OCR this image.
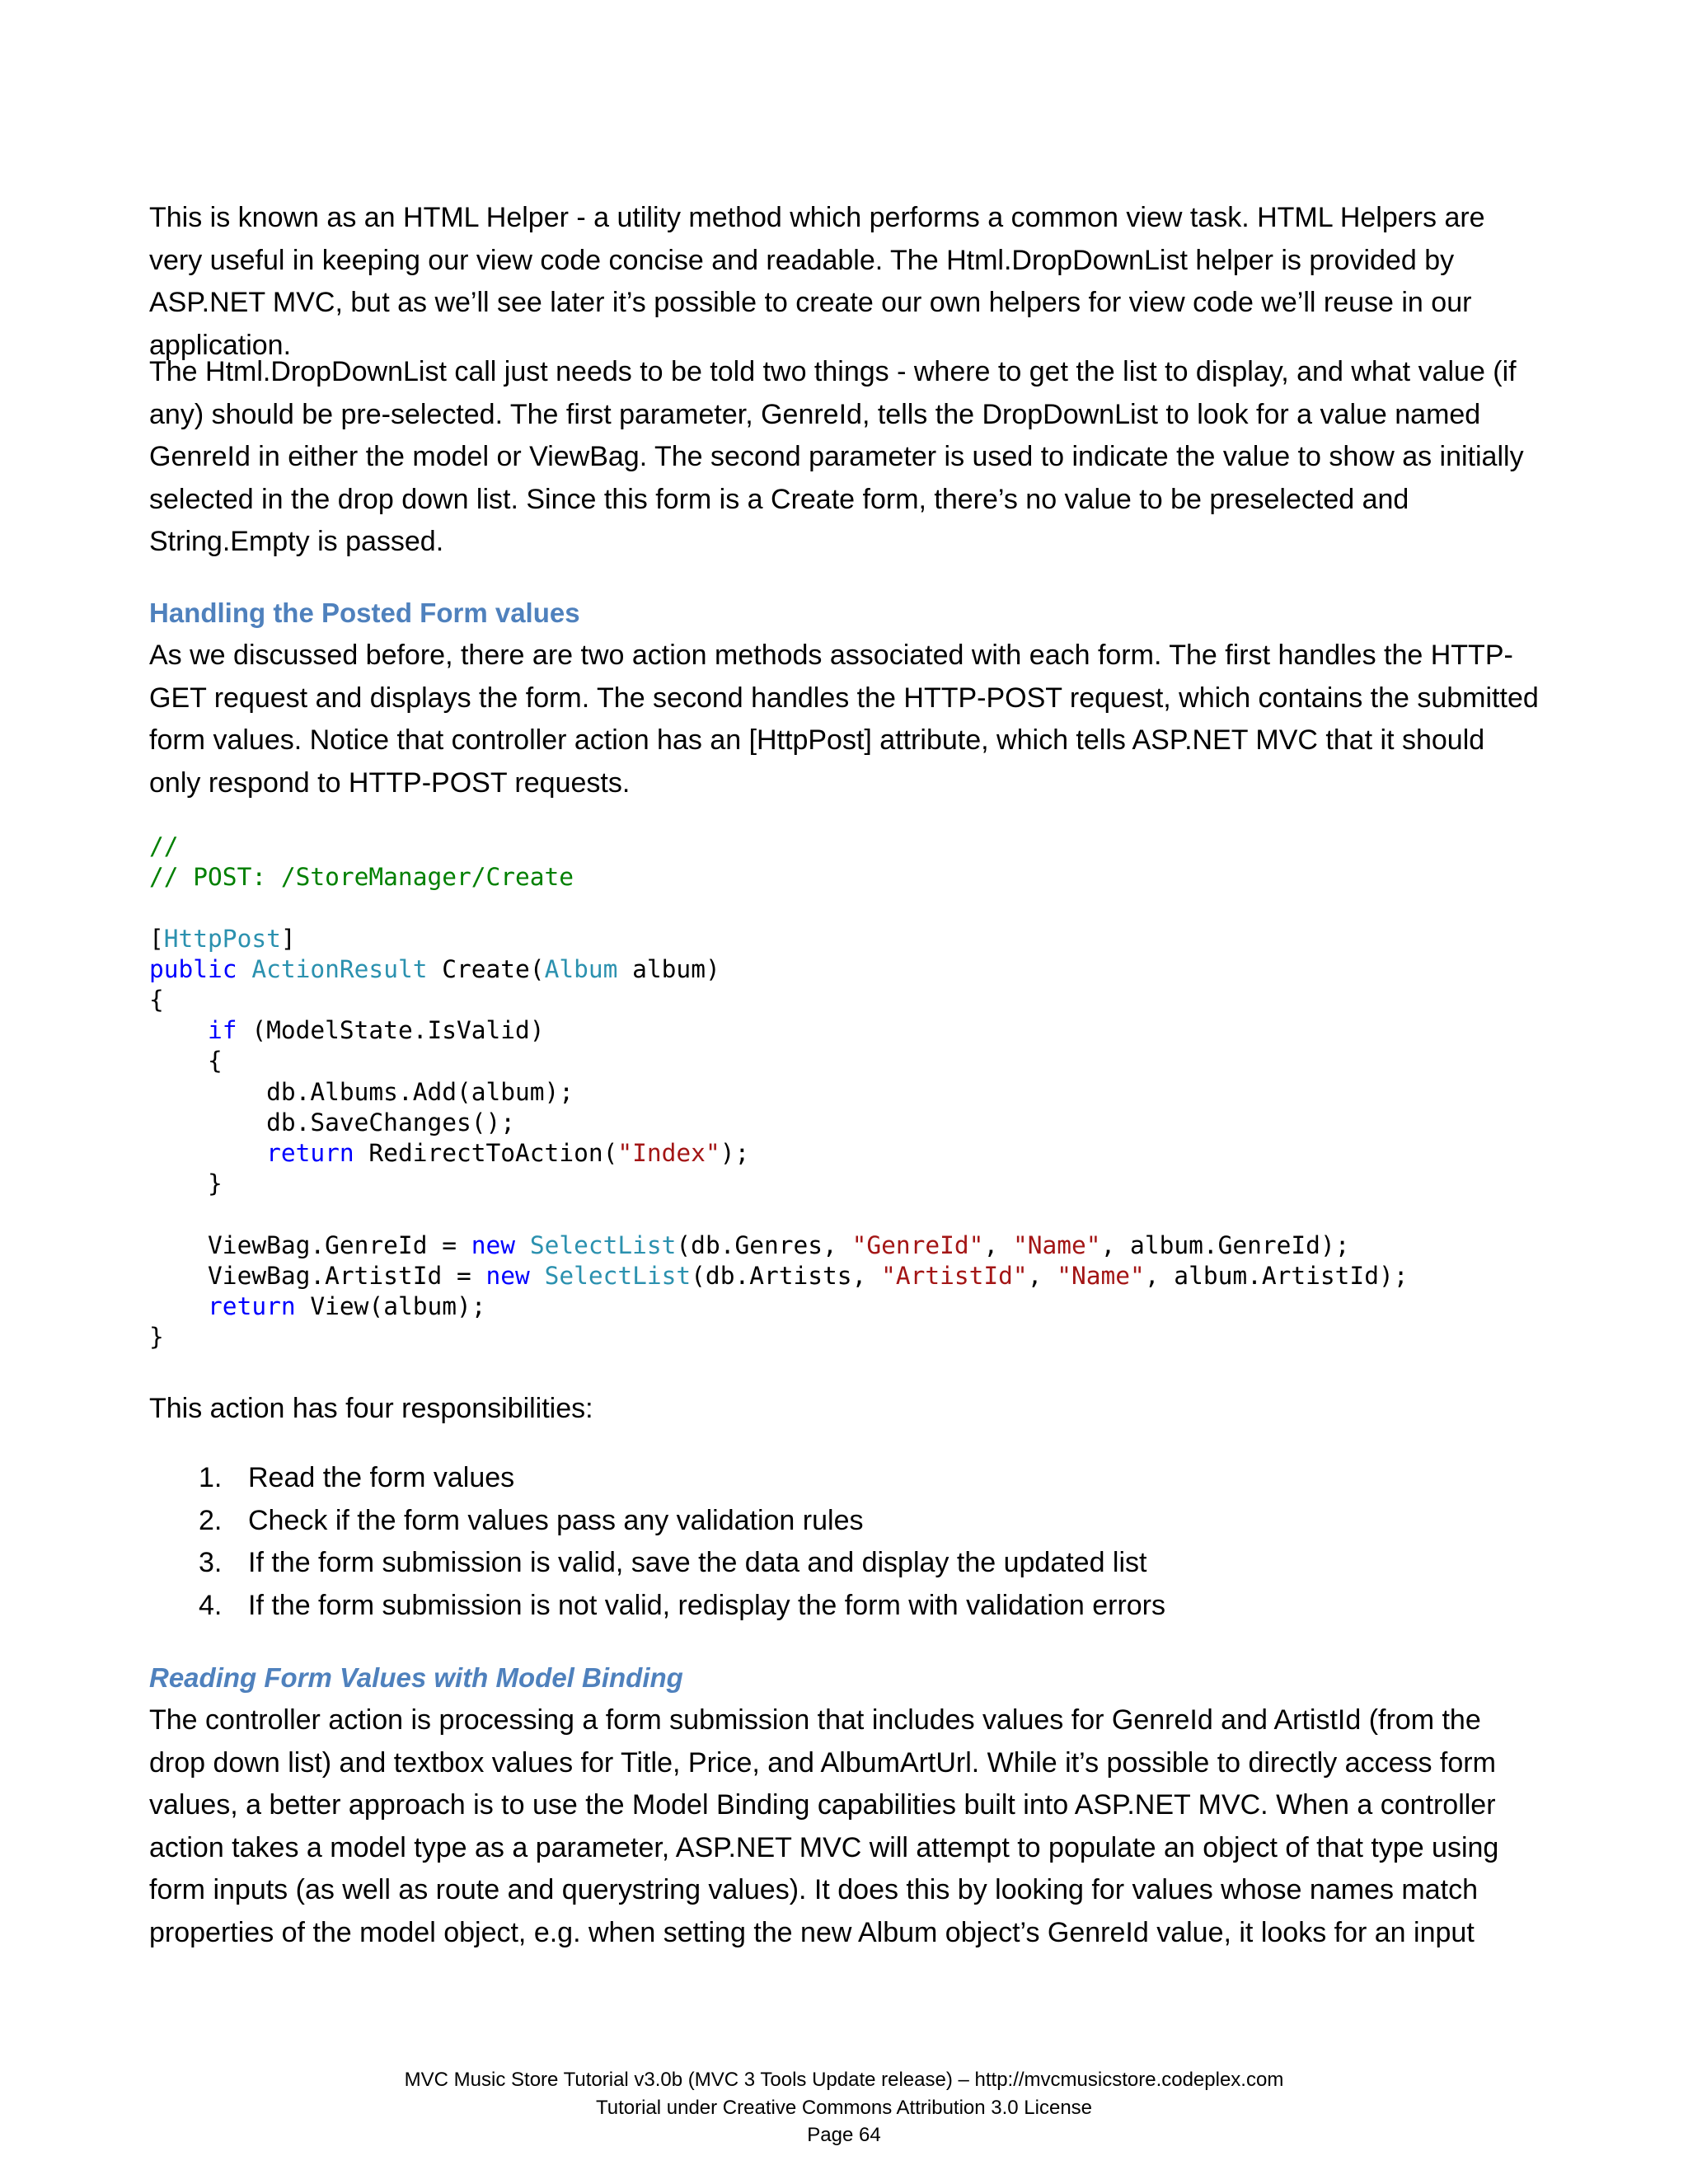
This is known as an HTML Helper - a utility method which performs a common view task. HTML Helpers are very useful in keeping our view code concise and readable. The Html.DropDownList helper is provided by ASP.NET MVC, but as we’ll see later it’s possible to create our own helpers for view code we’ll reuse in our application.

The Html.DropDownList call just needs to be told two things - where to get the list to display, and what value (if any) should be pre-selected. The first parameter, GenreId, tells the DropDownList to look for a value named GenreId in either the model or ViewBag. The second parameter is used to indicate the value to show as initially selected in the drop down list. Since this form is a Create form, there’s no value to be preselected and String.Empty is passed.

Handling the Posted Form values

As we discussed before, there are two action methods associated with each form. The first handles the HTTP-GET request and displays the form. The second handles the HTTP-POST request, which contains the submitted form values. Notice that controller action has an [HttpPost] attribute, which tells ASP.NET MVC that it should only respond to HTTP-POST requests.

//
// POST: /StoreManager/Create

[HttpPost]
public ActionResult Create(Album album)
{
if (ModelState.IsValid)
{
db.Albums.Add(album);
db.SaveChanges();
return RedirectToAction("Index");
}

ViewBag.GenreId = new SelectList(db.Genres, "GenreId", "Name", album.GenreId);
ViewBag.ArtistId = new SelectList(db.Artists, "ArtistId", "Name", album.ArtistId);
return View(album);
}

This action has four responsibilities:

1. Read the form values
2. Check if the form values pass any validation rules
3. If the form submission is valid, save the data and display the updated list
4. If the form submission is not valid, redisplay the form with validation errors
Reading Form Values with Model Binding

The controller action is processing a form submission that includes values for GenreId and ArtistId (from the drop down list) and textbox values for Title, Price, and AlbumArtUrl. While it’s possible to directly access form values, a better approach is to use the Model Binding capabilities built into ASP.NET MVC. When a controller action takes a model type as a parameter, ASP.NET MVC will attempt to populate an object of that type using form inputs (as well as route and querystring values). It does this by looking for values whose names match properties of the model object, e.g. when setting the new Album object’s GenreId value, it looks for an input

MVC Music Store Tutorial v3.0b (MVC 3 Tools Update release) – http://mvcmusicstore.codeplex.com
Tutorial under Creative Commons Attribution 3.0 License
Page 64
